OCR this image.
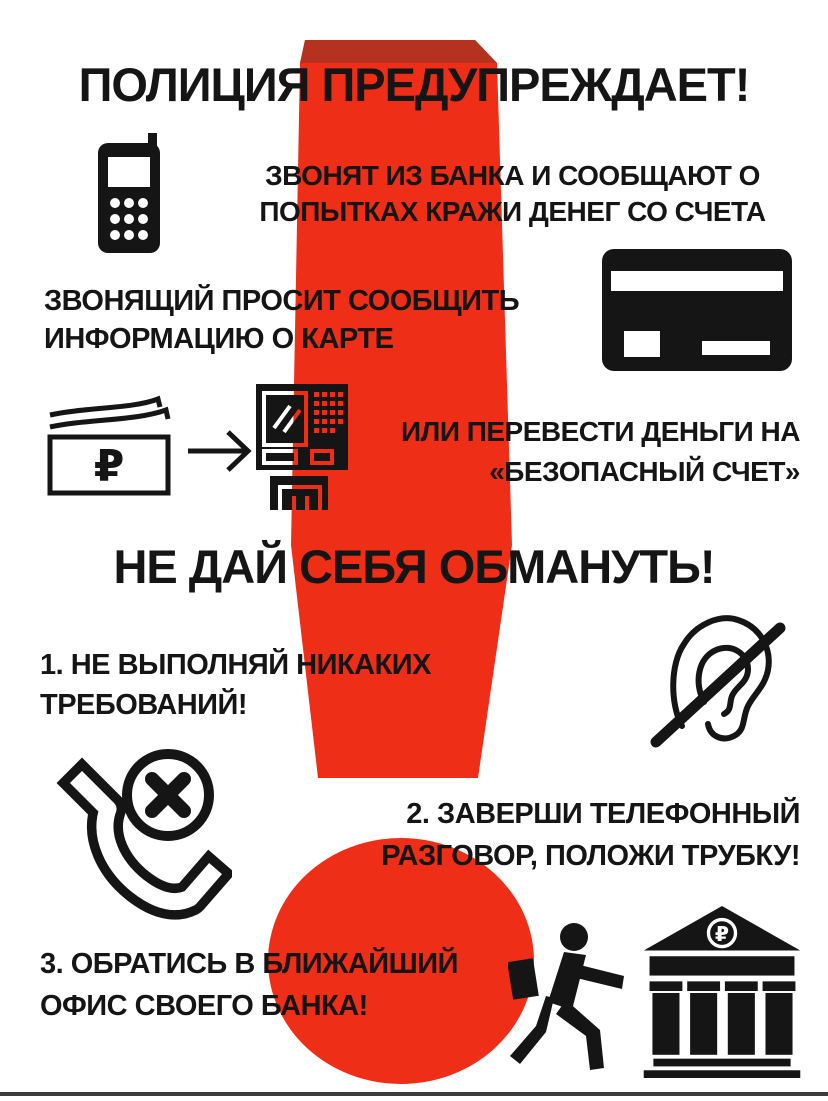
ПОЛИЦИЯ ПРЕДУПРЕЖДАЕТ!
ЗВОНЯТ ИЗ БАНКА И СООБЩАЮТ О
ПОПЫТКАХ КРАЖИ ДЕНЕГ СО СЧЕТА
ЗВОНЯЩИЙ ПРОСИТ СООБЩИТЬ
ИНФОРМАЦИЮ О КАРТЕ
₽
ИЛИ ПЕРЕВЕСТИ ДЕНЬГИ НА
«БЕЗОПАСНЫЙ СЧЕТ»
НЕ ДАЙ СЕБЯ ОБМАНУТЬ!
1. НЕ ВЫПОЛНЯЙ НИКАКИХ
ТРЕБОВАНИЙ!
2. ЗАВЕРШИ ТЕЛЕФОННЫЙ
РАЗГОВОР, ПОЛОЖИ ТРУБКУ!
3. ОБРАТИСЬ В БЛИЖАЙШИЙ
ОФИС СВОЕГО БАНКА!
₽
